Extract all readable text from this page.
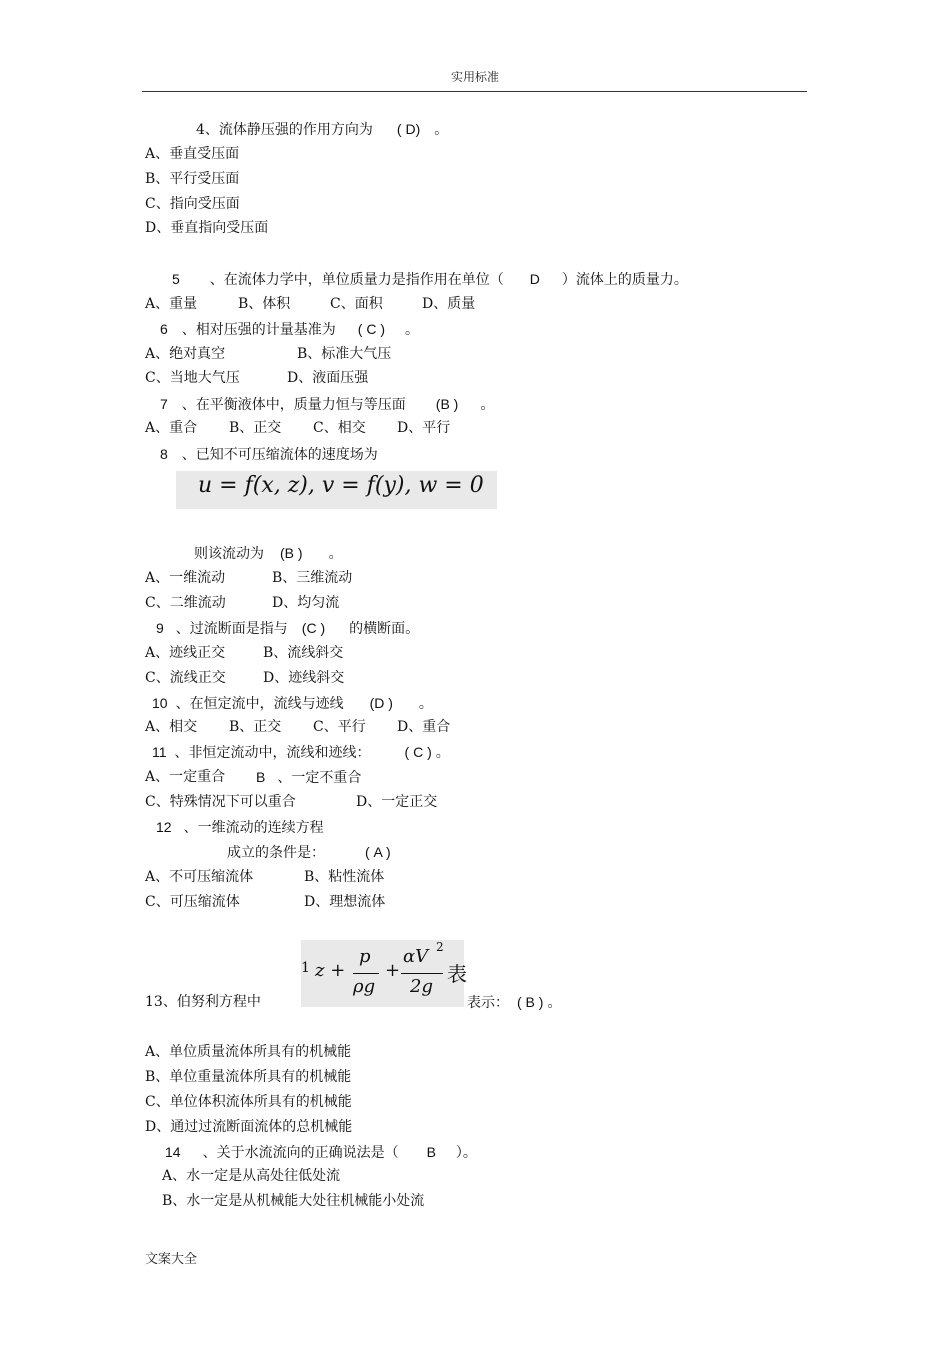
实用标准
4、流体静压强的作用方向为 ( D) 。
A、垂直受压面
B、平行受压面
C、指向受压面
D、垂直指向受压面
5 、在流体力学中，单位质量力是指作用在单位（ D ）流体上的质量力。
A、重量	B、体积	C、面积	D、质量
6 、相对压强的计量基准为 ( C ) 。
A、绝对真空	B、标准大气压
C、当地大气压	D、液面压强
7 、在平衡液体中，质量力恒与等压面 (B ) 。
A、重合 B、正交 C、相交 D、平行
8 、已知不可压缩流体的速度场为
u = f(x, z), v = f(y), w = 0
则该流动为 (B ) 。
A、一维流动	B、三维流动
C、二维流动	D、均匀流
9 、过流断面是指与 (C ) 的横断面。
A、迹线正交	B、流线斜交
C、流线正交	D、迹线斜交
10 、在恒定流中，流线与迹线 (D ) 。
A、相交 B、正交 C、平行 D、重合
11 、非恒定流动中，流线和迹线： ( C ) 。
A、一定重合 B 、一定不重合
C、特殊情况下可以重合	D、一定正交
12 、一维流动的连续方程
成立的条件是：	( A )
A、不可压缩流体	B、粘性流体
C、可压缩流体	D、理想流体
13、伯努利方程中
1 z +
p
ρg
+
αV 2
2g
表
表示： ( B ) 。
A、单位质量流体所具有的机械能
B、单位重量流体所具有的机械能
C、单位体积流体所具有的机械能
D、通过过流断面流体的总机械能
14 、关于水流流向的正确说法是（ B ）。
A、水一定是从高处往低处流
B、水一定是从机械能大处往机械能小处流
文案大全
